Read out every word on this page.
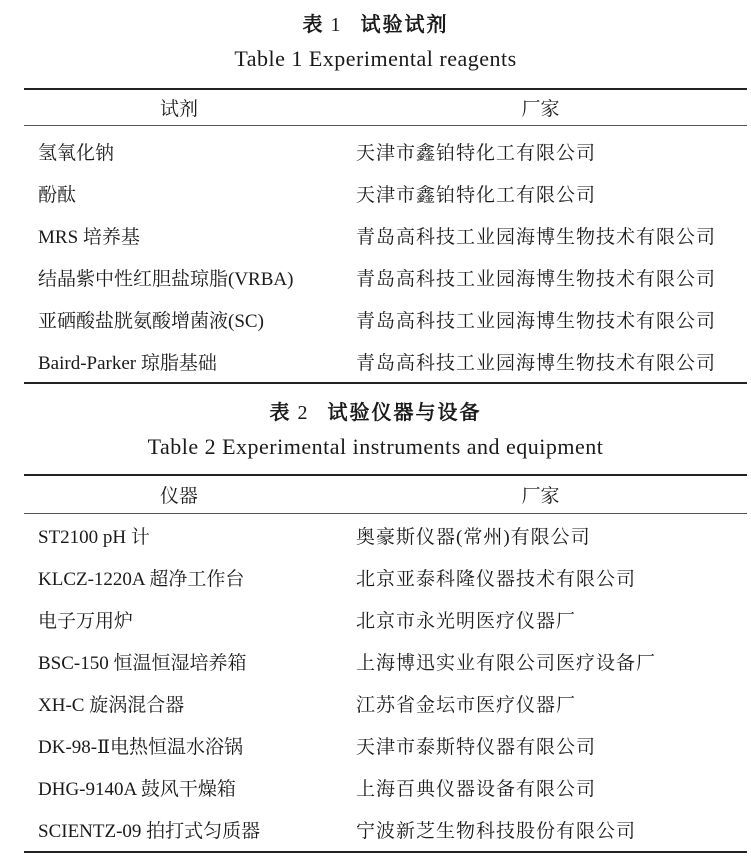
表 1 试验试剂
Table 1 Experimental reagents
试剂	厂家
氢氧化钠	天津市鑫铂特化工有限公司
酚酞	天津市鑫铂特化工有限公司
MRS 培养基	青岛高科技工业园海博生物技术有限公司
结晶紫中性红胆盐琼脂(VRBA)	青岛高科技工业园海博生物技术有限公司
亚硒酸盐胱氨酸增菌液(SC)	青岛高科技工业园海博生物技术有限公司
Baird-Parker 琼脂基础	青岛高科技工业园海博生物技术有限公司
表 2 试验仪器与设备
Table 2 Experimental instruments and equipment
仪器	厂家
ST2100 pH 计	奥豪斯仪器(常州)有限公司
KLCZ-1220A 超净工作台	北京亚泰科隆仪器技术有限公司
电子万用炉	北京市永光明医疗仪器厂
BSC-150 恒温恒湿培养箱	上海博迅实业有限公司医疗设备厂
XH-C 旋涡混合器	江苏省金坛市医疗仪器厂
DK-98-Ⅱ电热恒温水浴锅	天津市泰斯特仪器有限公司
DHG-9140A 鼓风干燥箱	上海百典仪器设备有限公司
SCIENTZ-09 拍打式匀质器	宁波新芝生物科技股份有限公司
